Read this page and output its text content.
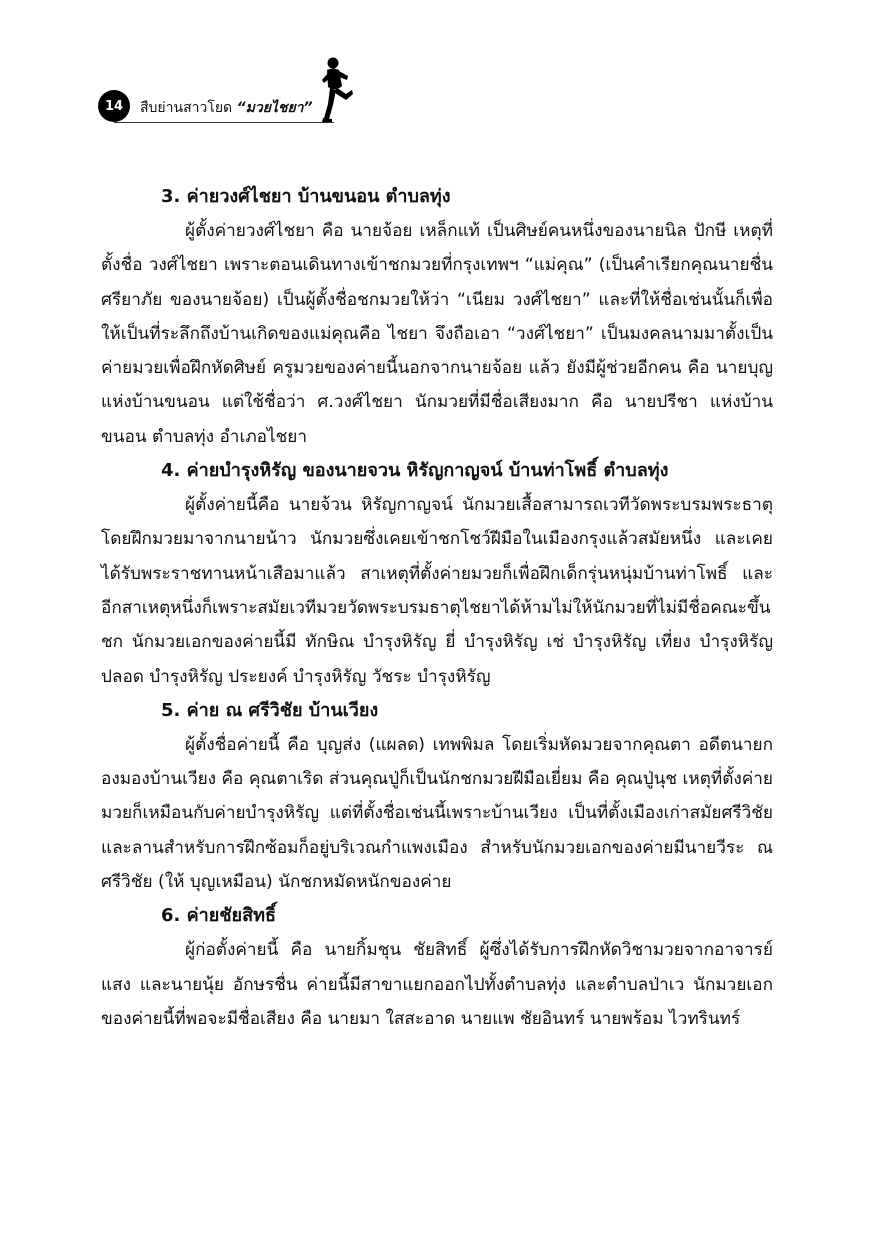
14	สืบย่านสาวโยด “มวยไชยา”

3. ค่ายวงศ์ไชยา บ้านขนอน ตำบลทุ่ง

ผู้ตั้งค่ายวงศ์ไชยา คือ นายจ้อย เหล็กแท้ เป็นศิษย์คนหนึ่งของนายนิล ปักษี เหตุที่ตั้งชื่อ วงศ์ไชยา เพราะตอนเดินทางเข้าชกมวยที่กรุงเทพฯ “แม่คุณ” (เป็นคำเรียกคุณนายชื่น ศรียาภัย ของนายจ้อย) เป็นผู้ตั้งชื่อชกมวยให้ว่า “เนียม วงศ์ไชยา” และที่ให้ชื่อเช่นนั้นก็เพื่อให้เป็นที่ระลึกถึงบ้านเกิดของแม่คุณคือ ไชยา จึงถือเอา “วงศ์ไชยา” เป็นมงคลนามมาตั้งเป็นค่ายมวยเพื่อฝึกหัดศิษย์ ครูมวยของค่ายนี้นอกจากนายจ้อย แล้ว ยังมีผู้ช่วยอีกคน คือ นายบุญ แห่งบ้านขนอน แต่ใช้ชื่อว่า ศ.วงศ์ไชยา นักมวยที่มีชื่อเสียงมาก คือ นายปรีชา แห่งบ้านขนอน ตำบลทุ่ง อำเภอไชยา

4. ค่ายบำรุงหิรัญ ของนายจวน หิรัญกาญจน์ บ้านท่าโพธิ์ ตำบลทุ่ง

ผู้ตั้งค่ายนี้คือ นายจ้วน หิรัญกาญจน์ นักมวยเสื้อสามารถเวทีวัดพระบรมพระธาตุ โดยฝึกมวยมาจากนายน้าว นักมวยซึ่งเคยเข้าชกโชว์ฝีมือในเมืองกรุงแล้วสมัยหนึ่ง และเคยได้รับพระราชทานหน้าเสือมาแล้ว สาเหตุที่ตั้งค่ายมวยก็เพื่อฝึกเด็กรุ่นหนุ่มบ้านท่าโพธิ์ และอีกสาเหตุหนึ่งก็เพราะสมัยเวทีมวยวัดพระบรมธาตุไชยาได้ห้ามไม่ให้นักมวยที่ไม่มีชื่อคณะขึ้นชก นักมวยเอกของค่ายนี้มี ทักษิณ บำรุงหิรัญ ยี่ บำรุงหิรัญ เช่ บำรุงหิรัญ เที่ยง บำรุงหิรัญ ปลอด บำรุงหิรัญ ประยงค์ บำรุงหิรัญ วัชระ บำรุงหิรัญ

5. ค่าย ณ ศรีวิชัย บ้านเวียง

ผู้ตั้งชื่อค่ายนี้ คือ บุญส่ง (แผลด) เทพพิมล โดยเริ่มหัดมวยจากคุณตา อดีตนายกองมองบ้านเวียง คือ คุณตาเริด ส่วนคุณปู่ก็เป็นนักชกมวยฝีมือเยี่ยม คือ คุณปู่นุช เหตุที่ตั้งค่ายมวยก็เหมือนกับค่ายบำรุงหิรัญ แต่ที่ตั้งชื่อเช่นนี้เพราะบ้านเวียง เป็นที่ตั้งเมืองเก่าสมัยศรีวิชัย และลานสำหรับการฝึกซ้อมก็อยู่บริเวณกำแพงเมือง สำหรับนักมวยเอกของค่ายมีนายวีระ ณ ศรีวิชัย (ให้ บุญเหมือน) นักชกหมัดหนักของค่าย

6. ค่ายชัยสิทธิ์

ผู้ก่อตั้งค่ายนี้ คือ นายกิ้มชุน ชัยสิทธิ์ ผู้ซึ่งได้รับการฝึกหัดวิชามวยจากอาจารย์แสง และนายนุ้ย อักษรชื่น ค่ายนี้มีสาขาแยกออกไปทั้งตำบลทุ่ง และตำบลป่าเว นักมวยเอกของค่ายนี้ที่พอจะมีชื่อเสียง คือ นายมา ใสสะอาด นายแพ ชัยอินทร์ นายพร้อม ไวทรินทร์
